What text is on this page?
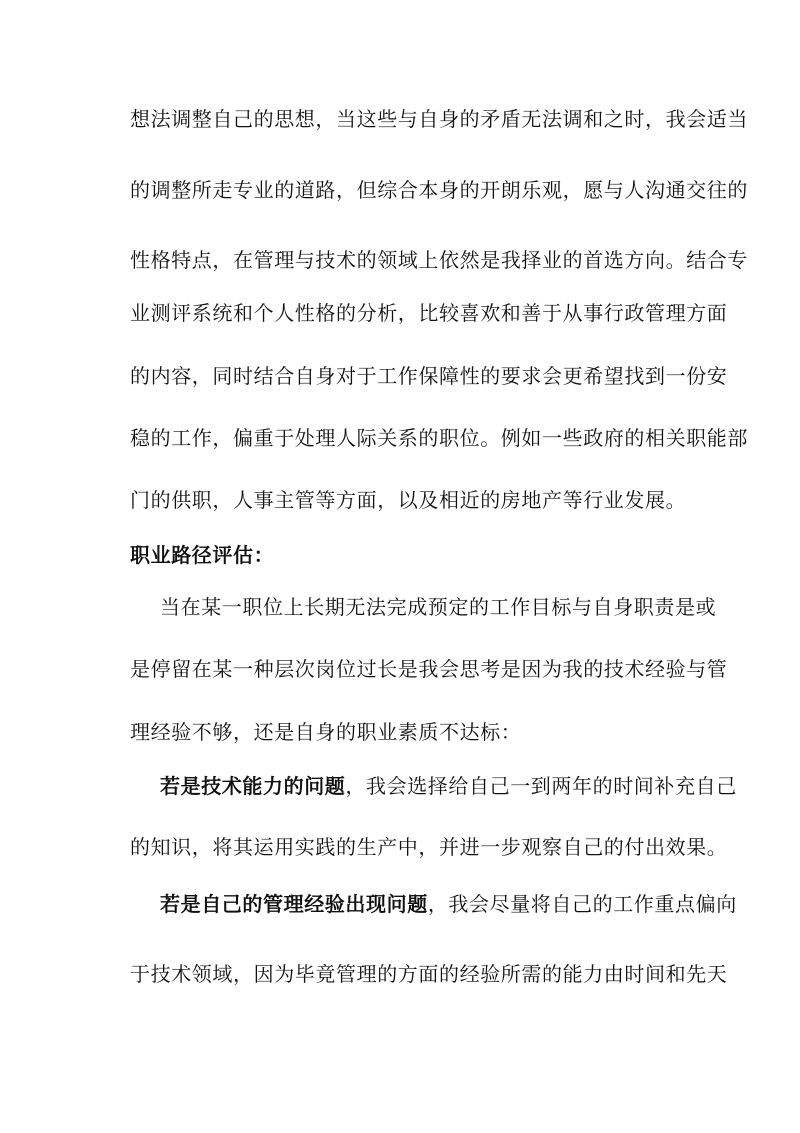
想法调整自己的思想，当这些与自身的矛盾无法调和之时，我会适当
的调整所走专业的道路，但综合本身的开朗乐观，愿与人沟通交往的
性格特点，在管理与技术的领域上依然是我择业的首选方向。结合专
业测评系统和个人性格的分析，比较喜欢和善于从事行政管理方面
的内容，同时结合自身对于工作保障性的要求会更希望找到一份安
稳的工作，偏重于处理人际关系的职位。例如一些政府的相关职能部
门的供职，人事主管等方面，以及相近的房地产等行业发展。
职业路径评估：
当在某一职位上长期无法完成预定的工作目标与自身职责是或
是停留在某一种层次岗位过长是我会思考是因为我的技术经验与管
理经验不够，还是自身的职业素质不达标：
若是技术能力的问题，我会选择给自己一到两年的时间补充自己
的知识，将其运用实践的生产中，并进一步观察自己的付出效果。
若是自己的管理经验出现问题，我会尽量将自己的工作重点偏向
于技术领域，因为毕竟管理的方面的经验所需的能力由时间和先天
